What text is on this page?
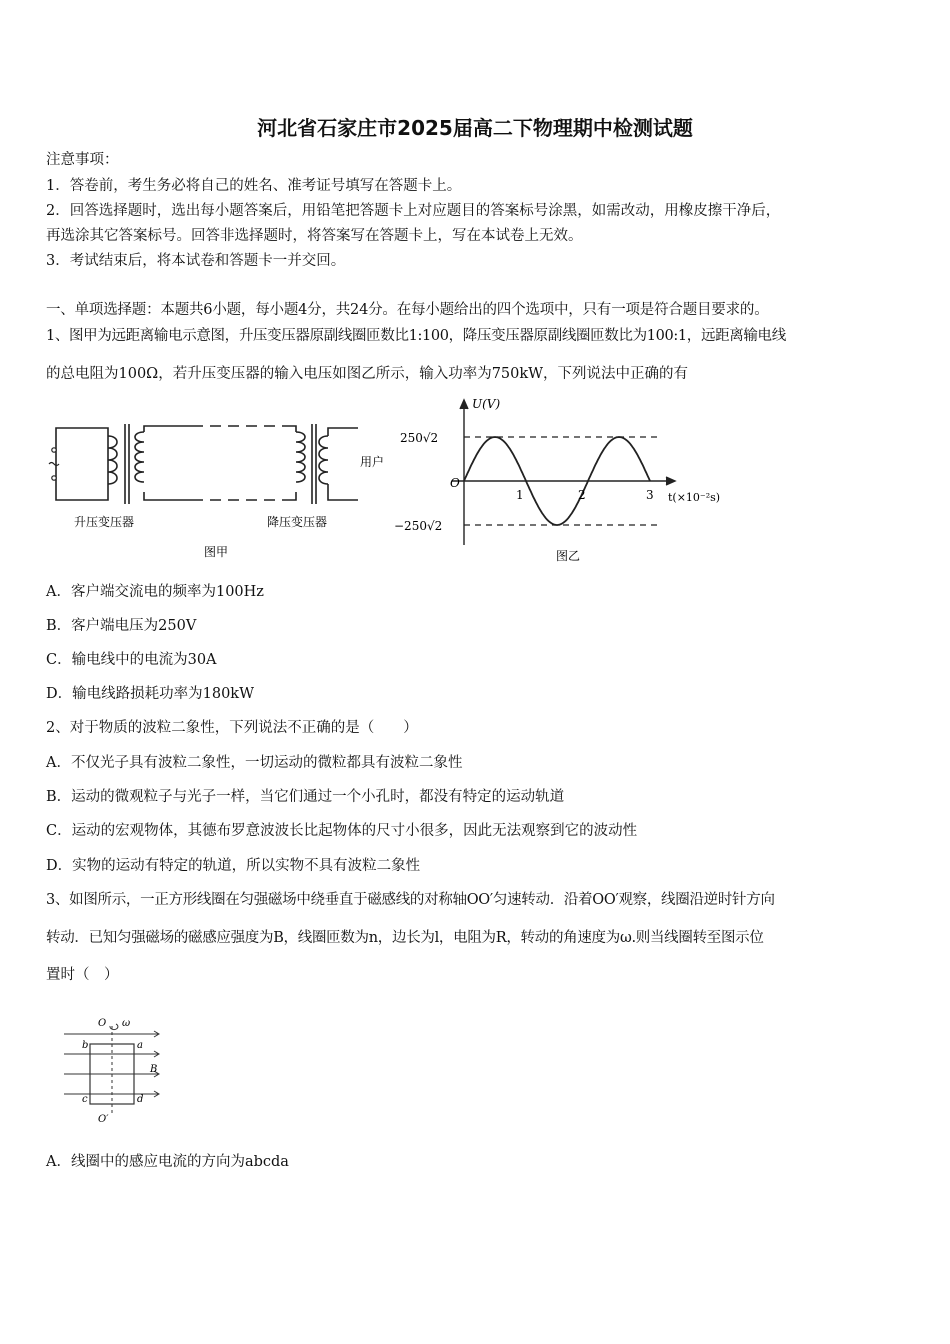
河北省石家庄市2025届高二下物理期中检测试题
注意事项：
1．答卷前，考生务必将自己的姓名、准考证号填写在答题卡上。
2．回答选择题时，选出每小题答案后，用铅笔把答题卡上对应题目的答案标号涂黑，如需改动，用橡皮擦干净后，
再选涂其它答案标号。回答非选择题时，将答案写在答题卡上，写在本试卷上无效。
3．考试结束后，将本试卷和答题卡一并交回。
一、单项选择题：本题共6小题，每小题4分，共24分。在每小题给出的四个选项中，只有一项是符合题目要求的。
1、图甲为远距离输电示意图，升压变压器原副线圈匝数比1:100，降压变压器原副线圈匝数比为100:1，远距离输电线
的总电阻为100Ω，若升压变压器的输入电压如图乙所示，输入功率为750kW，下列说法中正确的有
升压变压器	降压变压器
用户
图甲
U(V)
250√2
−250√2
O
1	2	3 t(×10⁻²s)
图乙
A．客户端交流电的频率为100Hz
B．客户端电压为250V
C．输电线中的电流为30A
D．输电线路损耗功率为180kW
2、对于物质的波粒二象性，下列说法不正确的是（　　）
A．不仅光子具有波粒二象性，一切运动的微粒都具有波粒二象性
B．运动的微观粒子与光子一样，当它们通过一个小孔时，都没有特定的运动轨道
C．运动的宏观物体，其德布罗意波波长比起物体的尺寸小很多，因此无法观察到它的波动性
D．实物的运动有特定的轨道，所以实物不具有波粒二象性
3、如图所示，一正方形线圈在匀强磁场中绕垂直于磁感线的对称轴OO′匀速转动．沿着OO′观察，线圈沿逆时针方向
转动．已知匀强磁场的磁感应强度为B，线圈匝数为n，边长为l，电阻为R，转动的角速度为ω.则当线圈转至图示位
置时（　）
O ω
b	a
B
c	d
O′
A．线圈中的感应电流的方向为abcda
